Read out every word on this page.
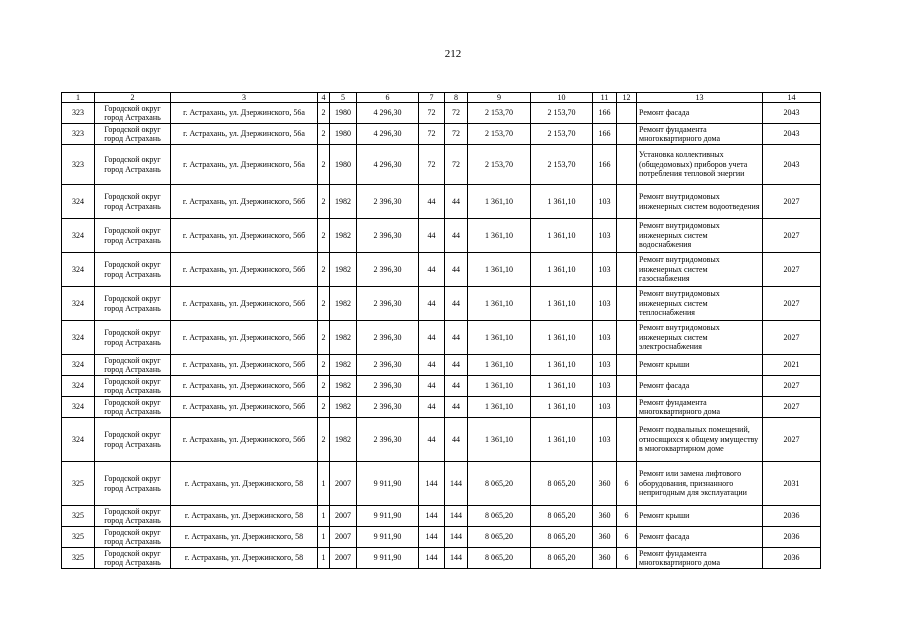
212
1	2	3	4	5	6	7	8	9	10	11	12	13	14
323	Городской округ город Астрахань	г. Астрахань, ул. Дзержинского, 56а	2	1980	4 296,30	72	72	2 153,70	2 153,70	166		Ремонт фасада	2043
323	Городской округ город Астрахань	г. Астрахань, ул. Дзержинского, 56а	2	1980	4 296,30	72	72	2 153,70	2 153,70	166		Ремонт фундамента многоквартирного дома	2043
323	Городской округ город Астрахань	г. Астрахань, ул. Дзержинского, 56а	2	1980	4 296,30	72	72	2 153,70	2 153,70	166		Установка коллективных (общедомовых) приборов учета потребления тепловой энергии	2043
324	Городской округ город Астрахань	г. Астрахань, ул. Дзержинского, 56б	2	1982	2 396,30	44	44	1 361,10	1 361,10	103		Ремонт внутридомовых инженерных систем водоотведения	2027
324	Городской округ город Астрахань	г. Астрахань, ул. Дзержинского, 56б	2	1982	2 396,30	44	44	1 361,10	1 361,10	103		Ремонт внутридомовых инженерных систем водоснабжения	2027
324	Городской округ город Астрахань	г. Астрахань, ул. Дзержинского, 56б	2	1982	2 396,30	44	44	1 361,10	1 361,10	103		Ремонт внутридомовых инженерных систем газоснабжения	2027
324	Городской округ город Астрахань	г. Астрахань, ул. Дзержинского, 56б	2	1982	2 396,30	44	44	1 361,10	1 361,10	103		Ремонт внутридомовых инженерных систем теплоснабжения	2027
324	Городской округ город Астрахань	г. Астрахань, ул. Дзержинского, 56б	2	1982	2 396,30	44	44	1 361,10	1 361,10	103		Ремонт внутридомовых инженерных систем электроснабжения	2027
324	Городской округ город Астрахань	г. Астрахань, ул. Дзержинского, 56б	2	1982	2 396,30	44	44	1 361,10	1 361,10	103		Ремонт крыши	2021
324	Городской округ город Астрахань	г. Астрахань, ул. Дзержинского, 56б	2	1982	2 396,30	44	44	1 361,10	1 361,10	103		Ремонт фасада	2027
324	Городской округ город Астрахань	г. Астрахань, ул. Дзержинского, 56б	2	1982	2 396,30	44	44	1 361,10	1 361,10	103		Ремонт фундамента многоквартирного дома	2027
324	Городской округ город Астрахань	г. Астрахань, ул. Дзержинского, 56б	2	1982	2 396,30	44	44	1 361,10	1 361,10	103		Ремонт подвальных помещений, относящихся к общему имуществу в многоквартирном доме	2027
325	Городской округ город Астрахань	г. Астрахань, ул. Дзержинского, 58	1	2007	9 911,90	144	144	8 065,20	8 065,20	360	6	Ремонт или замена лифтового оборудования, признанного непригодным для эксплуатации	2031
325	Городской округ город Астрахань	г. Астрахань, ул. Дзержинского, 58	1	2007	9 911,90	144	144	8 065,20	8 065,20	360	6	Ремонт крыши	2036
325	Городской округ город Астрахань	г. Астрахань, ул. Дзержинского, 58	1	2007	9 911,90	144	144	8 065,20	8 065,20	360	6	Ремонт фасада	2036
325	Городской округ город Астрахань	г. Астрахань, ул. Дзержинского, 58	1	2007	9 911,90	144	144	8 065,20	8 065,20	360	6	Ремонт фундамента многоквартирного дома	2036
